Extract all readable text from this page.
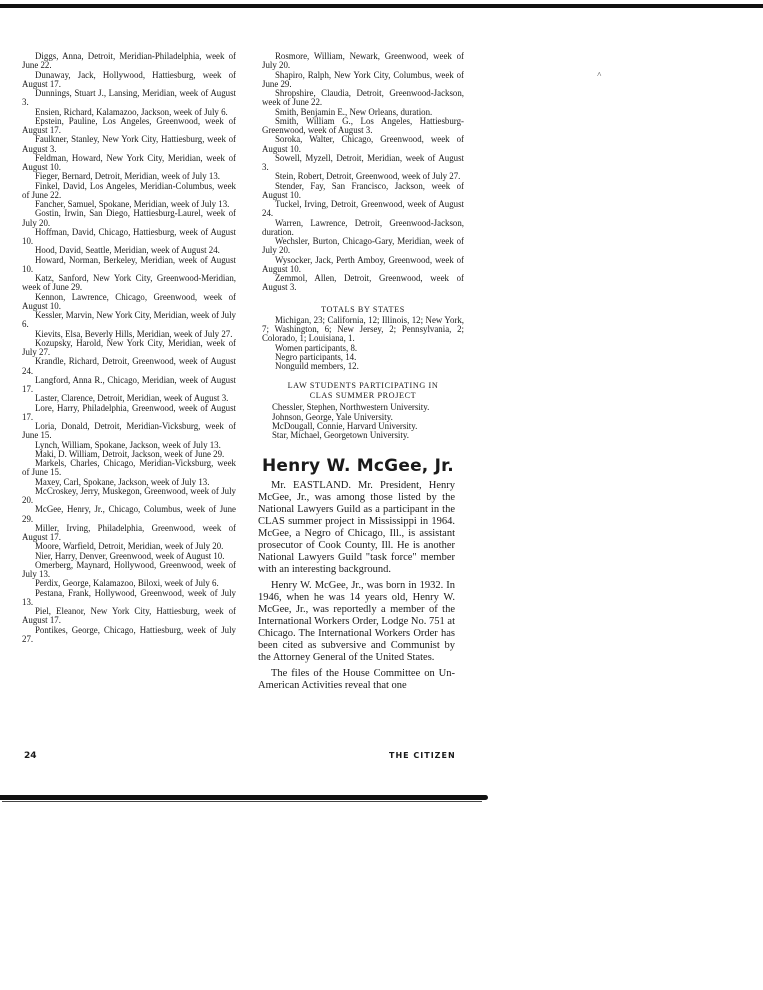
Diggs, Anna, Detroit, Meridian-Philadelphia, week of June 22.
Dunaway, Jack, Hollywood, Hattiesburg, week of August 17.
Dunnings, Stuart J., Lansing, Meridian, week of August 3.
Ensien, Richard, Kalamazoo, Jackson, week of July 6.
Epstein, Pauline, Los Angeles, Greenwood, week of August 17.
Faulkner, Stanley, New York City, Hattiesburg, week of August 3.
Feldman, Howard, New York City, Meridian, week of August 10.
Fieger, Bernard, Detroit, Meridian, week of July 13.
Finkel, David, Los Angeles, Meridian-Columbus, week of June 22.
Fancher, Samuel, Spokane, Meridian, week of July 13.
Gostin, Irwin, San Diego, Hattiesburg-Laurel, week of July 20.
Hoffman, David, Chicago, Hattiesburg, week of August 10.
Hood, David, Seattle, Meridian, week of August 24.
Howard, Norman, Berkeley, Meridian, week of August 10.
Katz, Sanford, New York City, Greenwood-Meridian, week of June 29.
Kennon, Lawrence, Chicago, Greenwood, week of August 10.
Kessler, Marvin, New York City, Meridian, week of July 6.
Kievits, Elsa, Beverly Hills, Meridian, week of July 27.
Kozupsky, Harold, New York City, Meridian, week of July 27.
Krandle, Richard, Detroit, Greenwood, week of August 24.
Langford, Anna R., Chicago, Meridian, week of August 17.
Laster, Clarence, Detroit, Meridian, week of August 3.
Lore, Harry, Philadelphia, Greenwood, week of August 17.
Loria, Donald, Detroit, Meridian-Vicksburg, week of June 15.
Lynch, William, Spokane, Jackson, week of July 13.
Maki, D. William, Detroit, Jackson, week of June 29.
Markels, Charles, Chicago, Meridian-Vicksburg, week of June 15.
Maxey, Carl, Spokane, Jackson, week of July 13.
McCroskey, Jerry, Muskegon, Greenwood, week of July 20.
McGee, Henry, Jr., Chicago, Columbus, week of June 29.
Miller, Irving, Philadelphia, Greenwood, week of August 17.
Moore, Warfield, Detroit, Meridian, week of July 20.
Nier, Harry, Denver, Greenwood, week of August 10.
Omerberg, Maynard, Hollywood, Greenwood, week of July 13.
Perdix, George, Kalamazoo, Biloxi, week of July 6.
Pestana, Frank, Hollywood, Greenwood, week of July 13.
Piel, Eleanor, New York City, Hattiesburg, week of August 17.
Pontikes, George, Chicago, Hattiesburg, week of July 27.
Rosmore, William, Newark, Greenwood, week of July 20.
Shapiro, Ralph, New York City, Columbus, week of June 29.
Shropshire, Claudia, Detroit, Greenwood-Jackson, week of June 22.
Smith, Benjamin E., New Orleans, duration.
Smith, William G., Los Angeles, Hattiesburg-Greenwood, week of August 3.
Soroka, Walter, Chicago, Greenwood, week of August 10.
Sowell, Myzell, Detroit, Meridian, week of August 3.
Stein, Robert, Detroit, Greenwood, week of July 27.
Stender, Fay, San Francisco, Jackson, week of August 10.
Tuckel, Irving, Detroit, Greenwood, week of August 24.
Warren, Lawrence, Detroit, Greenwood-Jackson, duration.
Wechsler, Burton, Chicago-Gary, Meridian, week of July 20.
Wysocker, Jack, Perth Amboy, Greenwood, week of August 10.
Zemmol, Allen, Detroit, Greenwood, week of August 3.
TOTALS BY STATES
Michigan, 23; California, 12; Illinois, 12; New York, 7; Washington, 6; New Jersey, 2; Pennsylvania, 2; Colorado, 1; Louisiana, 1.
Women participants, 8.
Negro participants, 14.
Nonguild members, 12.
LAW STUDENTS PARTICIPATING IN
CLAS SUMMER PROJECT
Chessler, Stephen, Northwestern University.
Johnson, George, Yale University.
McDougall, Connie, Harvard University.
Star, Michael, Georgetown University.
Henry W. McGee, Jr.

Mr. EASTLAND. Mr. President, Henry McGee, Jr., was among those listed by the National Lawyers Guild as a participant in the CLAS summer project in Mississippi in 1964. McGee, a Negro of Chicago, Ill., is assistant prosecutor of Cook County, Ill. He is another National Lawyers Guild "task force" member with an interesting background.

Henry W. McGee, Jr., was born in 1932. In 1946, when he was 14 years old, Henry W. McGee, Jr., was reportedly a member of the International Workers Order, Lodge No. 751 at Chicago. The International Workers Order has been cited as subversive and Communist by the Attorney General of the United States.

The files of the House Committee on Un-American Activities reveal that one

24	THE CITIZEN
˄
